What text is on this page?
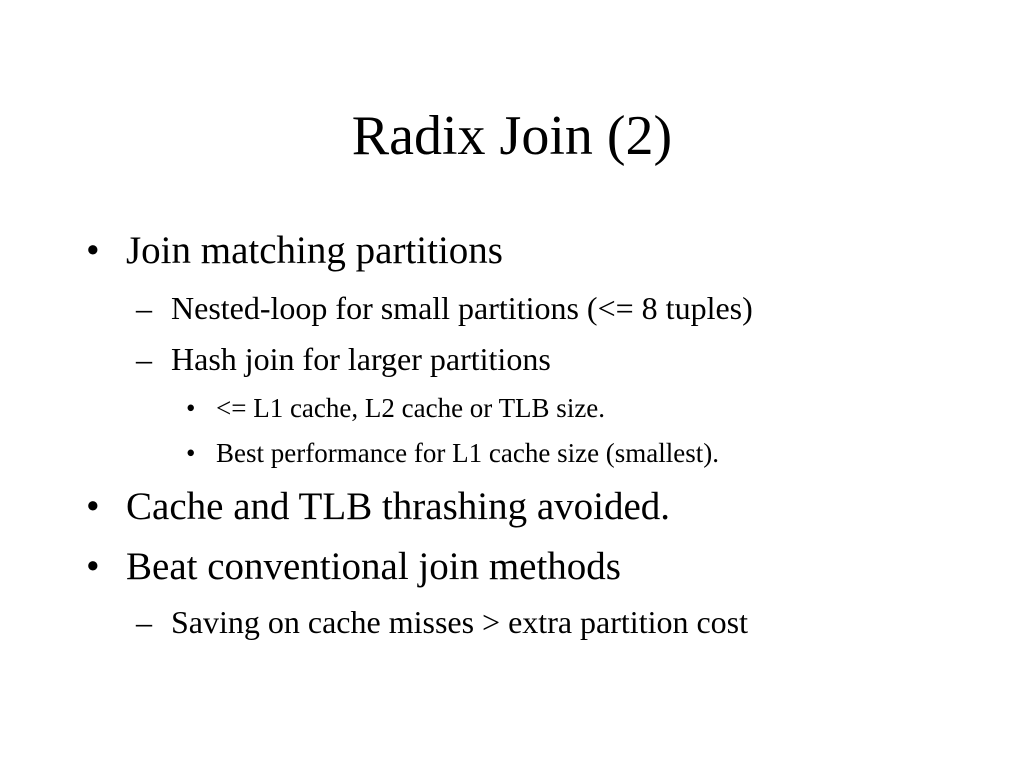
Radix Join (2)
• Join matching partitions
– Nested-loop for small partitions (<= 8 tuples)
– Hash join for larger partitions
• <= L1 cache, L2 cache or TLB size.
• Best performance for L1 cache size (smallest).
• Cache and TLB thrashing avoided.
• Beat conventional join methods
– Saving on cache misses > extra partition cost
